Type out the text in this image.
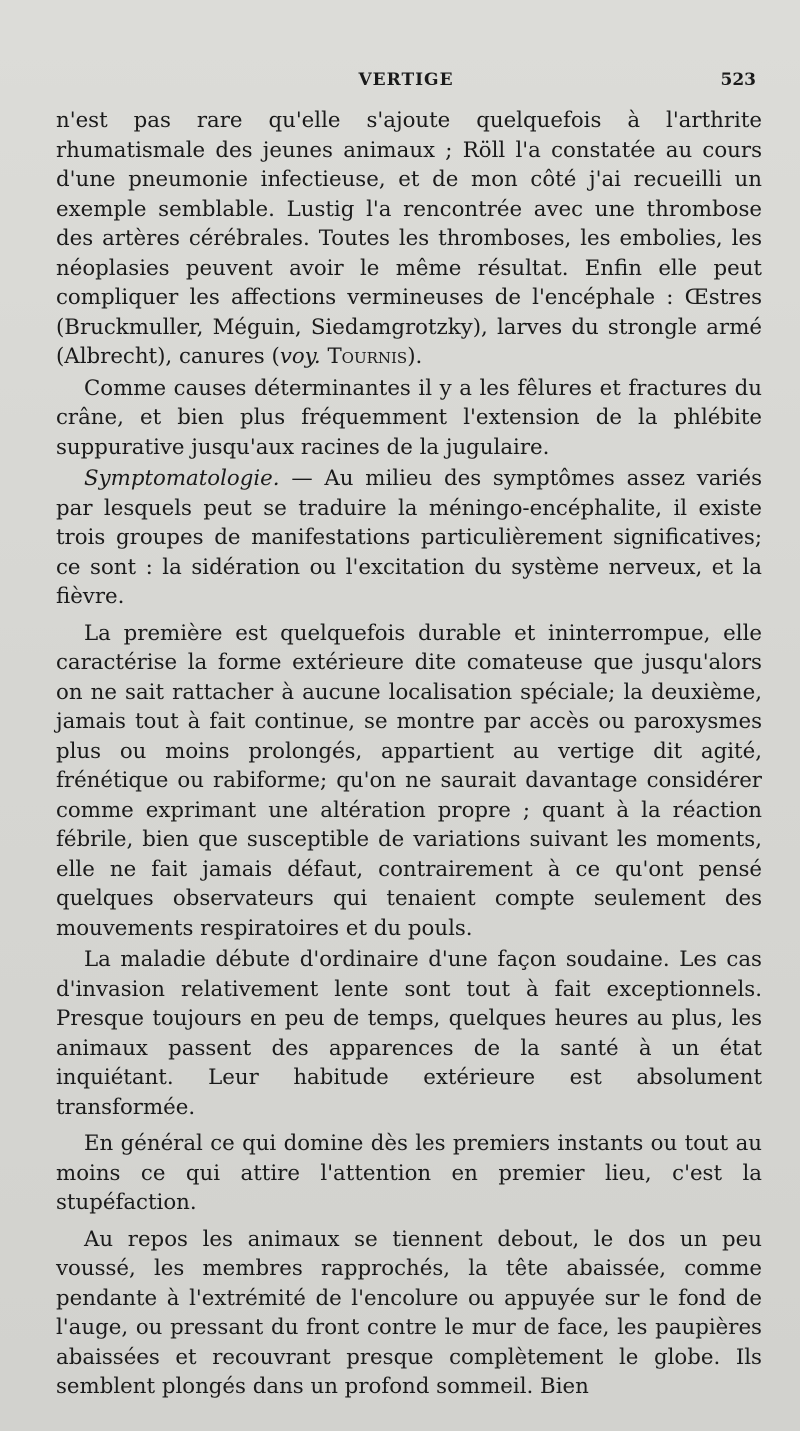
VERTIGE	523

n'est pas rare qu'elle s'ajoute quelquefois à l'arthrite rhumatismale des jeunes animaux ; Röll l'a constatée au cours d'une pneumonie infectieuse, et de mon côté j'ai recueilli un exemple semblable. Lustig l'a rencontrée avec une thrombose des artères cérébrales. Toutes les thromboses, les embolies, les néoplasies peuvent avoir le même résultat. Enfin elle peut compliquer les affections vermineuses de l'encéphale : Œstres (Bruckmuller, Méguin, Siedamgrotzky), larves du strongle armé (Albrecht), canures (voy. Tournis).

Comme causes déterminantes il y a les fêlures et fractures du crâne, et bien plus fréquemment l'extension de la phlébite suppurative jusqu'aux racines de la jugulaire.

Symptomatologie. — Au milieu des symptômes assez variés par lesquels peut se traduire la méningo-encéphalite, il existe trois groupes de manifestations particulièrement significatives; ce sont : la sidération ou l'excitation du système nerveux, et la fièvre.

La première est quelquefois durable et ininterrompue, elle caractérise la forme extérieure dite comateuse que jusqu'alors on ne sait rattacher à aucune localisation spéciale; la deuxième, jamais tout à fait continue, se montre par accès ou paroxysmes plus ou moins prolongés, appartient au vertige dit agité, frénétique ou rabiforme; qu'on ne saurait davantage considérer comme exprimant une altération propre ; quant à la réaction fébrile, bien que susceptible de variations suivant les moments, elle ne fait jamais défaut, contrairement à ce qu'ont pensé quelques observateurs qui tenaient compte seulement des mouvements respiratoires et du pouls.

La maladie débute d'ordinaire d'une façon soudaine. Les cas d'invasion relativement lente sont tout à fait exceptionnels. Presque toujours en peu de temps, quelques heures au plus, les animaux passent des apparences de la santé à un état inquiétant. Leur habitude extérieure est absolument transformée.

En général ce qui domine dès les premiers instants ou tout au moins ce qui attire l'attention en premier lieu, c'est la stupéfaction.

Au repos les animaux se tiennent debout, le dos un peu voussé, les membres rapprochés, la tête abaissée, comme pendante à l'extrémité de l'encolure ou appuyée sur le fond de l'auge, ou pressant du front contre le mur de face, les paupières abaissées et recouvrant presque complètement le globe. Ils semblent plongés dans un profond sommeil. Bien
